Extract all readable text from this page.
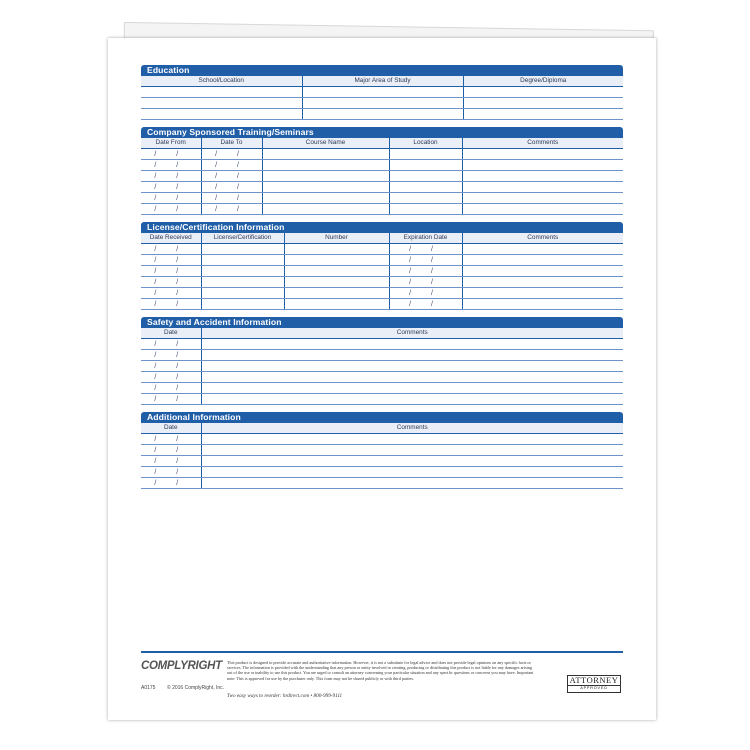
Education
School/Location	Major Area of Study	Degree/Diploma

Company Sponsored Training/Seminars
Date From	Date To	Course Name	Location	Comments

/ /	/ /			

/ /	/ /			

/ /	/ /			

/ /	/ /			

/ /	/ /			

/ /	/ /			

License/Certification Information
Date Received	License/Certification	Number	Expiration Date	Comments

/ /			/ /	

/ /			/ /	

/ /			/ /	

/ /			/ /	

/ /			/ /	

/ /			/ /	

Safety and Accident Information
Date	Comments

/ /	

/ /	

/ /	

/ /	

/ /	

/ /	

Additional Information
Date	Comments

/ /	

/ /	

/ /	

/ /	

/ /	

COMPLYRIGHT
A0175 © 2016 ComplyRight, Inc.
This product is designed to provide accurate and authoritative information. However, it is not a substitute for legal advice and does not provide legal opinions on any specific facts or services. The information is provided with the understanding that any person or entity involved in creating, producing or distributing this product is not liable for any damages arising out of the use or inability to use this product. You are urged to consult an attorney concerning your particular situation and any specific questions or concerns you may have. Important note: This is approved for use by the purchaser only. This form may not be shared publicly or with third parties.
Two easy ways to reorder: hrdirect.com • 800-999-9111
ATTORNEY
APPROVED
